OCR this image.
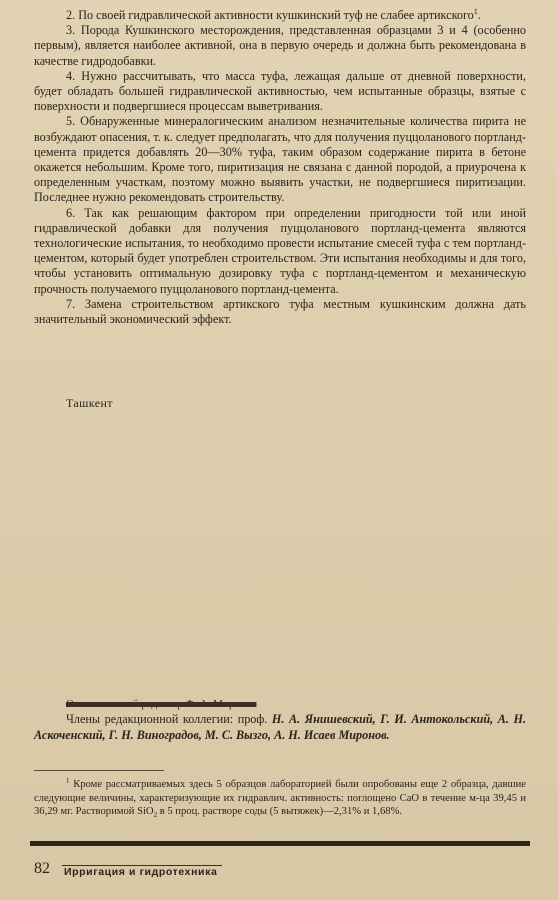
2. По своей гидравлической активности кушкинский туф не слабее артикского$^1$.

3. Порода Кушкинского месторождения, представленная образцами 3 и 4 (особенно первым), является наиболее активной, она в первую очередь и должна быть рекомендована в качестве гидродобавки.

4. Нужно рассчитывать, что масса туфа, лежащая дальше от дневной поверхности, будет обладать большей гидравлической активностью, чем испытанные образцы, взятые с поверхности и подвергшиеся процессам выветривания.

5. Обнаруженные минералогическим анализом незначительные количества пирита не возбуждают опасения, т. к. следует предполагать, что для получения пуццоланового портланд-цемента придется добавлять 20—30% туфа, таким образом содержание пирита в бетоне окажется небольшим. Кроме того, пиритизация не связана с данной породой, а приурочена к определенным участкам, поэтому можно выявить участки, не подвергшиеся пиритизации. Последнее нужно рекомендовать строительству.

6. Так как решающим фактором при определении пригодности той или иной гидравлической добавки для получения пуццоланового портланд-цемента являются технологические испытания, то необходимо провести испытание смесей туфа с тем портланд-цементом, который будет употреблен строительством. Эти испытания необходимы и для того, чтобы установить оптимальную дозировку туфа с портланд-цементом и механическую прочность получаемого пуццоланового портланд-цемента.

7. Замена строительством артикского туфа местным кушкинским должна дать значительный экономический эффект.

Ташкент
Ответственный редактор Ф. А. Миронов
Члены редакционной коллегии: проф. Н. А. Янишевский, Г. И. Антокольский, А. Н. Аскоченский, Г. Н. Виноградов, М. С. Вызго, А. Н. Исаев Миронов.
$^1$ Кроме рассматриваемых здесь 5 образцов лабораторией были опробованы еще 2 образца, давшие следующие величины, характеризующие их гидравлич. активность: поглощено CaO в течение м-ца 39,45 и 36,29 мг. Растворимой SiO$_2$ в 5 проц. растворе соды (5 вытяжек)—2,31% и 1,68%.
82 Ирригация и гидротехника
